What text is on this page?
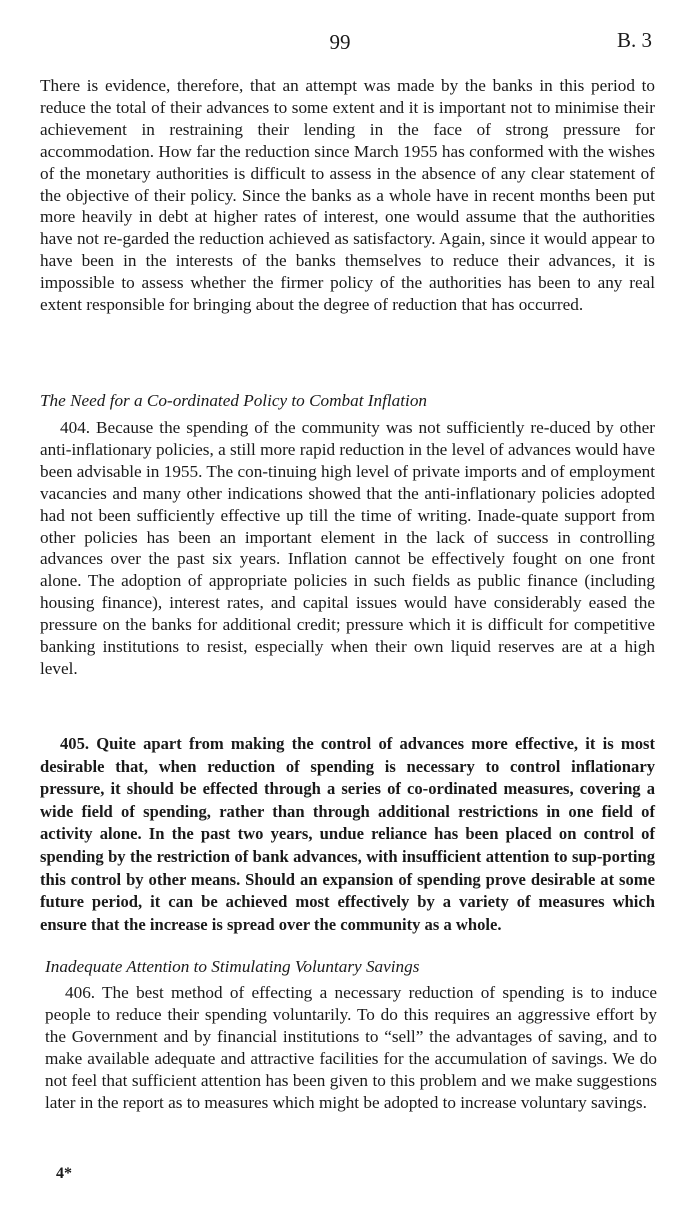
99	B. 3

There is evidence, therefore, that an attempt was made by the banks in this period to reduce the total of their advances to some extent and it is important not to minimise their achievement in restraining their lending in the face of strong pressure for accommodation. How far the reduction since March 1955 has conformed with the wishes of the monetary authorities is difficult to assess in the absence of any clear statement of the objective of their policy. Since the banks as a whole have in recent months been put more heavily in debt at higher rates of interest, one would assume that the authorities have not re-garded the reduction achieved as satisfactory. Again, since it would appear to have been in the interests of the banks themselves to reduce their advances, it is impossible to assess whether the firmer policy of the authorities has been to any real extent responsible for bringing about the degree of reduction that has occurred.

The Need for a Co-ordinated Policy to Combat Inflation

404. Because the spending of the community was not sufficiently re-duced by other anti-inflationary policies, a still more rapid reduction in the level of advances would have been advisable in 1955. The con-tinuing high level of private imports and of employment vacancies and many other indications showed that the anti-inflationary policies adopted had not been sufficiently effective up till the time of writing. Inade-quate support from other policies has been an important element in the lack of success in controlling advances over the past six years. Inflation cannot be effectively fought on one front alone. The adoption of appropriate policies in such fields as public finance (including housing finance), interest rates, and capital issues would have considerably eased the pressure on the banks for additional credit; pressure which it is difficult for competitive banking institutions to resist, especially when their own liquid reserves are at a high level.

405. Quite apart from making the control of advances more effective, it is most desirable that, when reduction of spending is necessary to control inflationary pressure, it should be effected through a series of co-ordinated measures, covering a wide field of spending, rather than through additional restrictions in one field of activity alone. In the past two years, undue reliance has been placed on control of spending by the restriction of bank advances, with insufficient attention to sup-porting this control by other means. Should an expansion of spending prove desirable at some future period, it can be achieved most effectively by a variety of measures which ensure that the increase is spread over the community as a whole.

Inadequate Attention to Stimulating Voluntary Savings

406. The best method of effecting a necessary reduction of spending is to induce people to reduce their spending voluntarily. To do this requires an aggressive effort by the Government and by financial institutions to “sell” the advantages of saving, and to make available adequate and attractive facilities for the accumulation of savings. We do not feel that sufficient attention has been given to this problem and we make suggestions later in the report as to measures which might be adopted to increase voluntary savings.

4*
